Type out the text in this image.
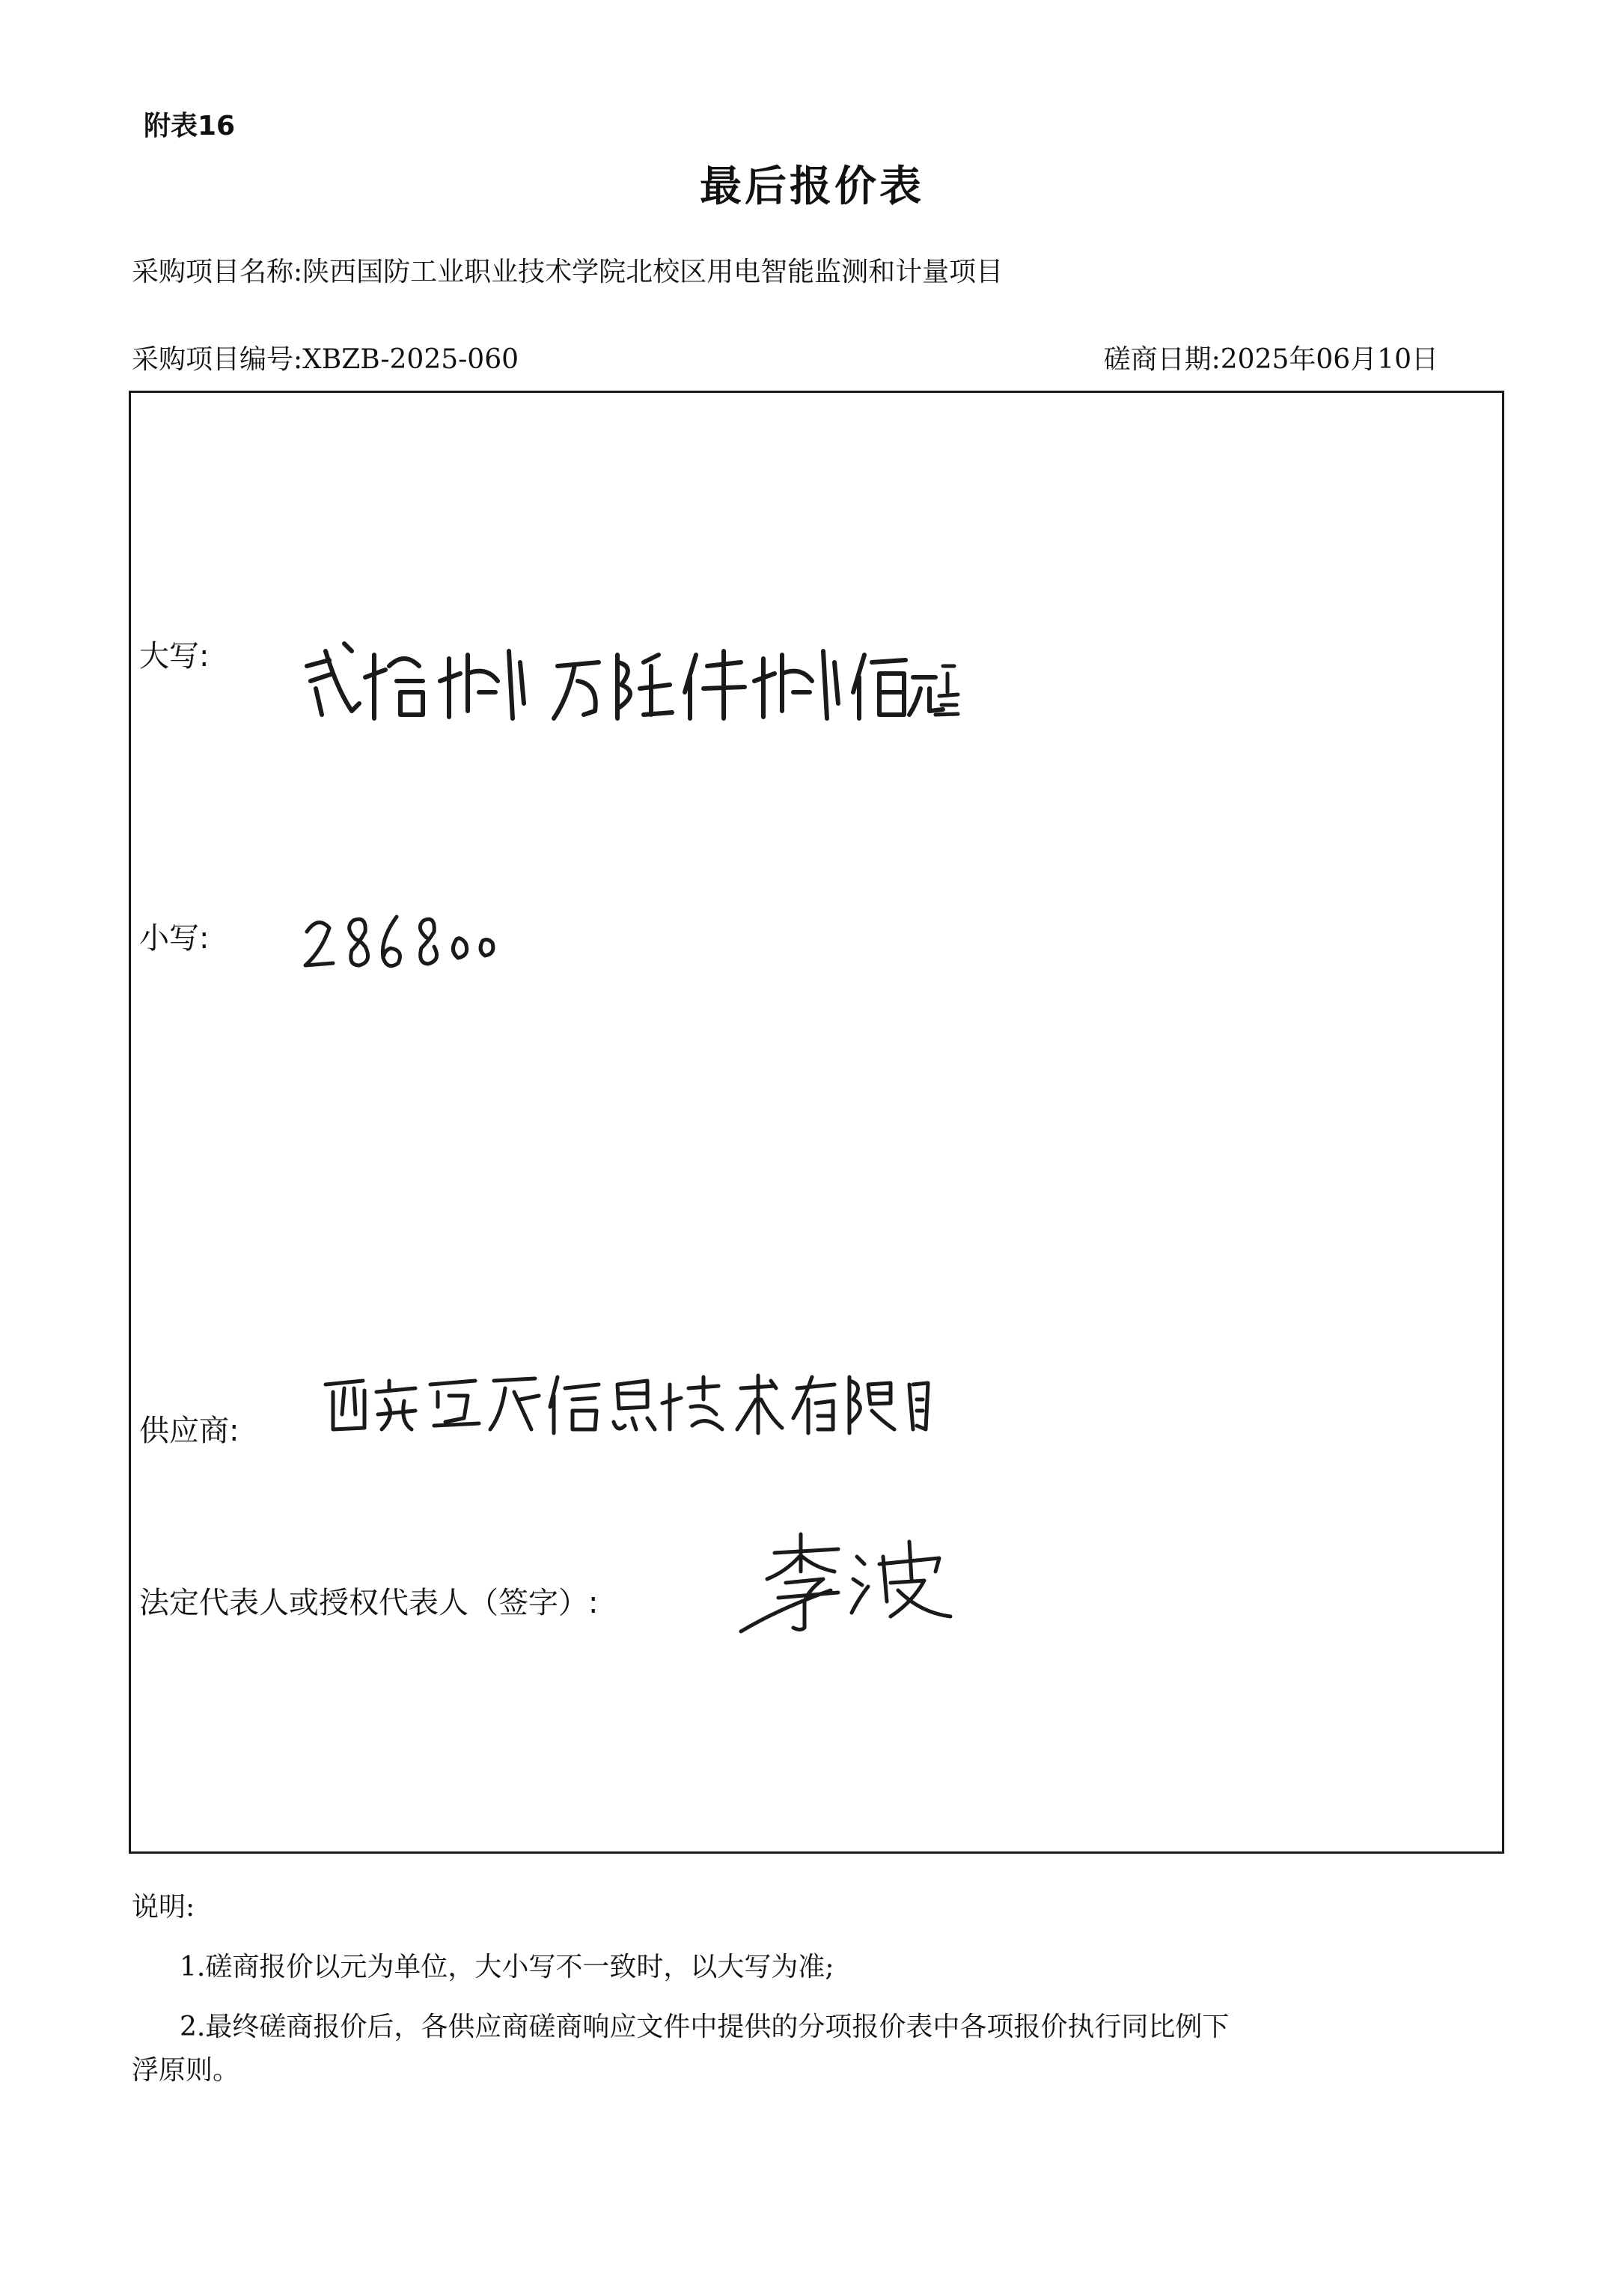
附表16
最后报价表
采购项目名称:陕西国防工业职业技术学院北校区用电智能监测和计量项目
采购项目编号:XBZB-2025-060	磋商日期:2025年06月10日
大写:
小写:
供应商:
法定代表人或授权代表人（签字）:
说明:
1.磋商报价以元为单位，大小写不一致时，以大写为准;
2.最终磋商报价后，各供应商磋商响应文件中提供的分项报价表中各项报价执行同比例下
浮原则。
